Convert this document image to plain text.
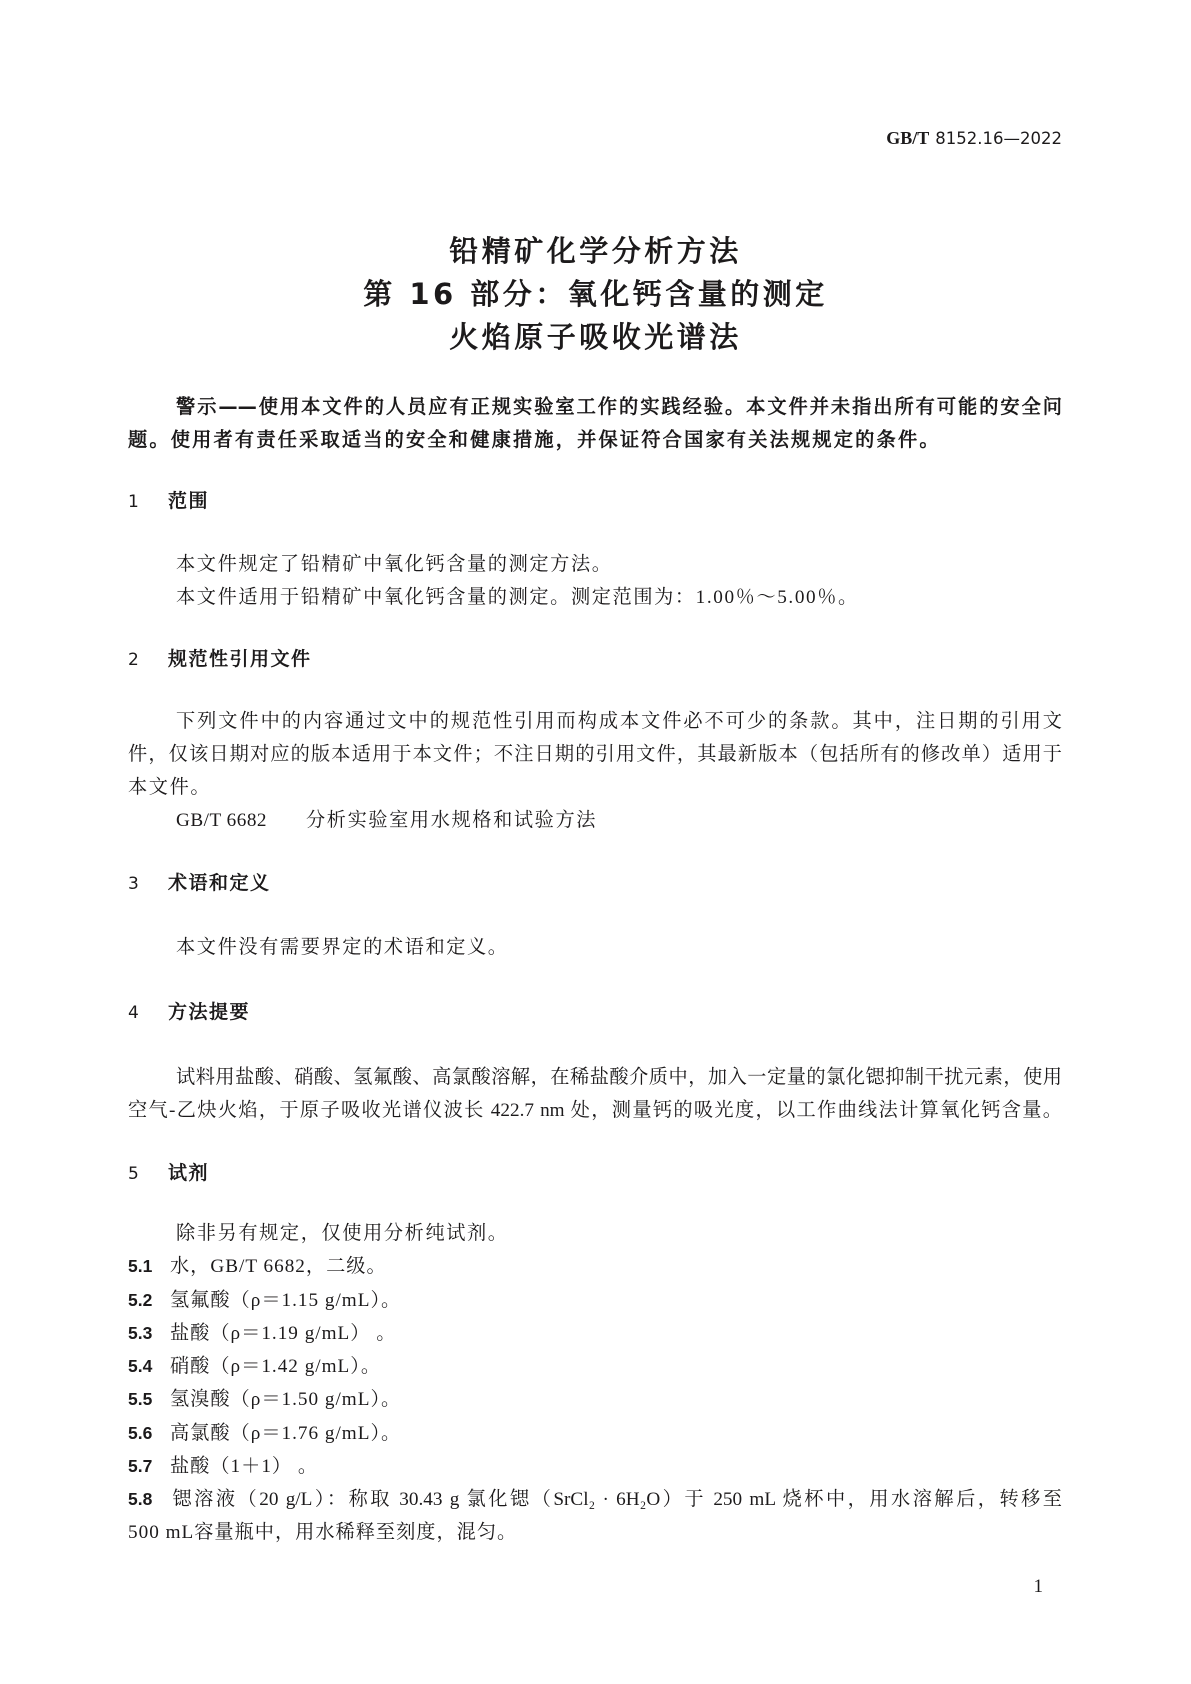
GB/T 8152.16—2022
铅精矿化学分析方法
第 16 部分：氧化钙含量的测定
火焰原子吸收光谱法
警示——使用本文件的人员应有正规实验室工作的实践经验。本文件并未指出所有可能的安全问
题。使用者有责任采取适当的安全和健康措施，并保证符合国家有关法规规定的条件。
1 范围
本文件规定了铅精矿中氧化钙含量的测定方法。
本文件适用于铅精矿中氧化钙含量的测定。测定范围为：1.00％～5.00％。
2 规范性引用文件
下列文件中的内容通过文中的规范性引用而构成本文件必不可少的条款。其中，注日期的引用文
件，仅该日期对应的版本适用于本文件；不注日期的引用文件，其最新版本（包括所有的修改单）适用于
本文件。
GB/T 6682 分析实验室用水规格和试验方法
3 术语和定义
本文件没有需要界定的术语和定义。
4 方法提要
试料用盐酸、硝酸、氢氟酸、高氯酸溶解，在稀盐酸介质中，加入一定量的氯化锶抑制干扰元素，使用
空气-乙炔火焰，于原子吸收光谱仪波长 422.7 nm 处，测量钙的吸光度，以工作曲线法计算氧化钙含量。
5 试剂
除非另有规定，仅使用分析纯试剂。
5.1 水，GB/T 6682，二级。
5.2 氢氟酸（ρ＝1.15 g/mL）。
5.3 盐酸（ρ＝1.19 g/mL） 。
5.4 硝酸（ρ＝1.42 g/mL）。
5.5 氢溴酸（ρ＝1.50 g/mL）。
5.6 高氯酸（ρ＝1.76 g/mL）。
5.7 盐酸（1＋1） 。
5.8 锶溶液（20 g/L）：称取 30.43 g 氯化锶（SrCl₂ · 6H₂O）于 250 mL 烧杯中，用水溶解后，转移至
500 mL容量瓶中，用水稀释至刻度，混匀。
1
